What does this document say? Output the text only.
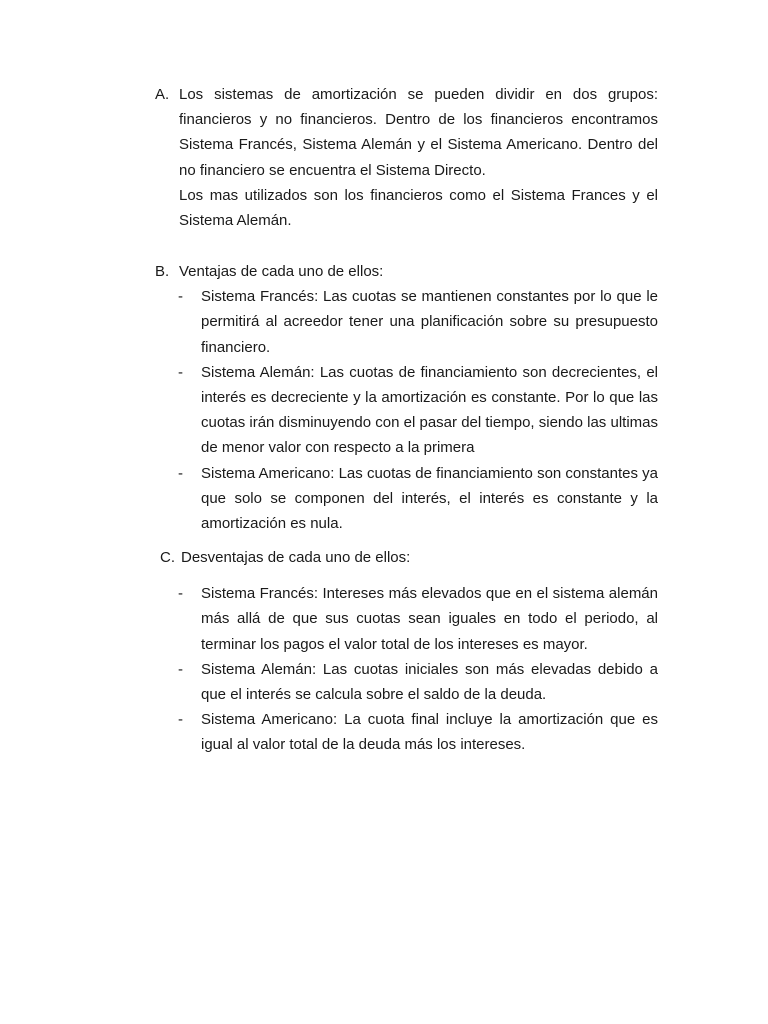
A. Los sistemas de amortización se pueden dividir en dos grupos: financieros y no financieros. Dentro de los financieros encontramos Sistema Francés, Sistema Alemán y el Sistema Americano. Dentro del no financiero se encuentra el Sistema Directo.

Los mas utilizados son los financieros como el Sistema Frances y el Sistema Alemán.

B. Ventajas de cada uno de ellos:
-	Sistema Francés: Las cuotas se mantienen constantes por lo que le permitirá al acreedor tener una planificación sobre su presupuesto financiero.
-	Sistema Alemán: Las cuotas de financiamiento son decrecientes, el interés es decreciente y la amortización es constante. Por lo que las cuotas irán disminuyendo con el pasar del tiempo, siendo las ultimas de menor valor con respecto a la primera
-	Sistema Americano: Las cuotas de financiamiento son constantes ya que solo se componen del interés, el interés es constante y la amortización es nula.
C. Desventajas de cada uno de ellos:
-	Sistema Francés: Intereses más elevados que en el sistema alemán más allá de que sus cuotas sean iguales en todo el periodo, al terminar los pagos el valor total de los intereses es mayor.
-	Sistema Alemán: Las cuotas iniciales son más elevadas debido a que el interés se calcula sobre el saldo de la deuda.
-	Sistema Americano: La cuota final incluye la amortización que es igual al valor total de la deuda más los intereses.
